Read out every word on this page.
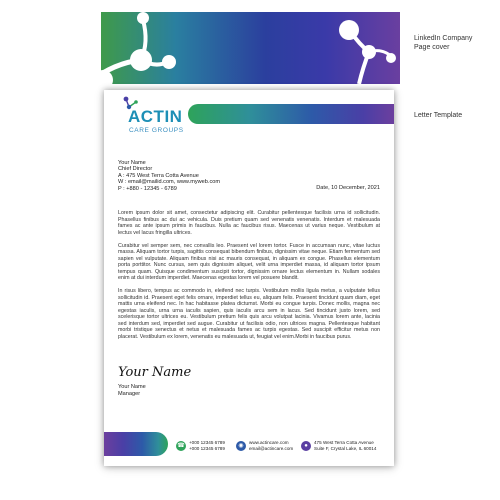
LinkedIn Company
Page cover
Letter Template
ACTIN
CARE GROUPS
Your Name
Chief Director
A : 475 West Terra Cotta Avenue
W : email@mailid.com, www.myweb.com
P : +880 - 12345 - 6789	Date, 10 December, 2021

Lorem ipsum dolor sit amet, consectetur adipiscing elit. Curabitur pellentesque facilisis urna id sollicitudin. Phasellus finibus ac dui ac vehicula. Duis pretium quam sed venenatis venenatis. Interdum et malesuada fames ac ante ipsum primis in faucibus. Nulla ac faucibus risus. Maecenas ut varius neque. Vestibulum at lectus vel lacus fringilla ultrices.

Curabitur vel semper sem, nec convallis leo. Praesent vel lorem tortor. Fusce in accumsan nunc, vitae luctus massa. Aliquam tortor turpis, sagittis consequat bibendum finibus, dignissim vitae neque. Etiam fermentum sed sapien vel vulputate. Aliquam finibus nisi ac mauris consequat, in aliquam ex congue. Phasellus elementum porta porttitor. Nunc cursus, sem quis dignissim aliquet, velit urna imperdiet massa, id aliquam tortor ipsum tempus quam. Quisque condimentum suscipit tortor, dignissim ornare lectus elementum in. Nullam sodales enim at dui interdum imperdiet. Maecenas egestas lorem vel posuere blandit.

In risus libero, tempus ac commodo in, eleifend nec turpis. Vestibulum mollis ligula metus, a vulputate tellus sollicitudin id. Praesent eget felis ornare, imperdiet tellus eu, aliquam felis. Praesent tincidunt quam diam, eget mattis urna eleifend nec. In hac habitasse platea dictumst. Morbi eu congue turpis. Donec mollis, magna nec egestas iaculis, urna urna iaculis sapien, quis iaculis arcu sem in lacus. Sed tincidunt justo lorem, sed scelerisque tortor ultrices eu. Vestibulum pretium felis quis arcu volutpat lacinia. Vivamus lorem ante, lacinia sed interdum sed, imperdiet sed augue. Curabitur ut facilisis odio, non ultrices magna. Pellentesque habitant morbi tristique senectus et netus et malesuada fames ac turpis egestas. Sed suscipit efficitur metus non placerat. Vestibulum ex lorem, venenatis eu malesuada ut, feugiat vel enim.Morbi in faucibus purus.

Your Name
Your Name
Manager
☎
+000 12345 6789
+000 12345 6789	◉
www.actincare.com
email@actincare.com	●	475 West Terra Cotta Avenue
Suite F, Crystal Lake, IL 60014
